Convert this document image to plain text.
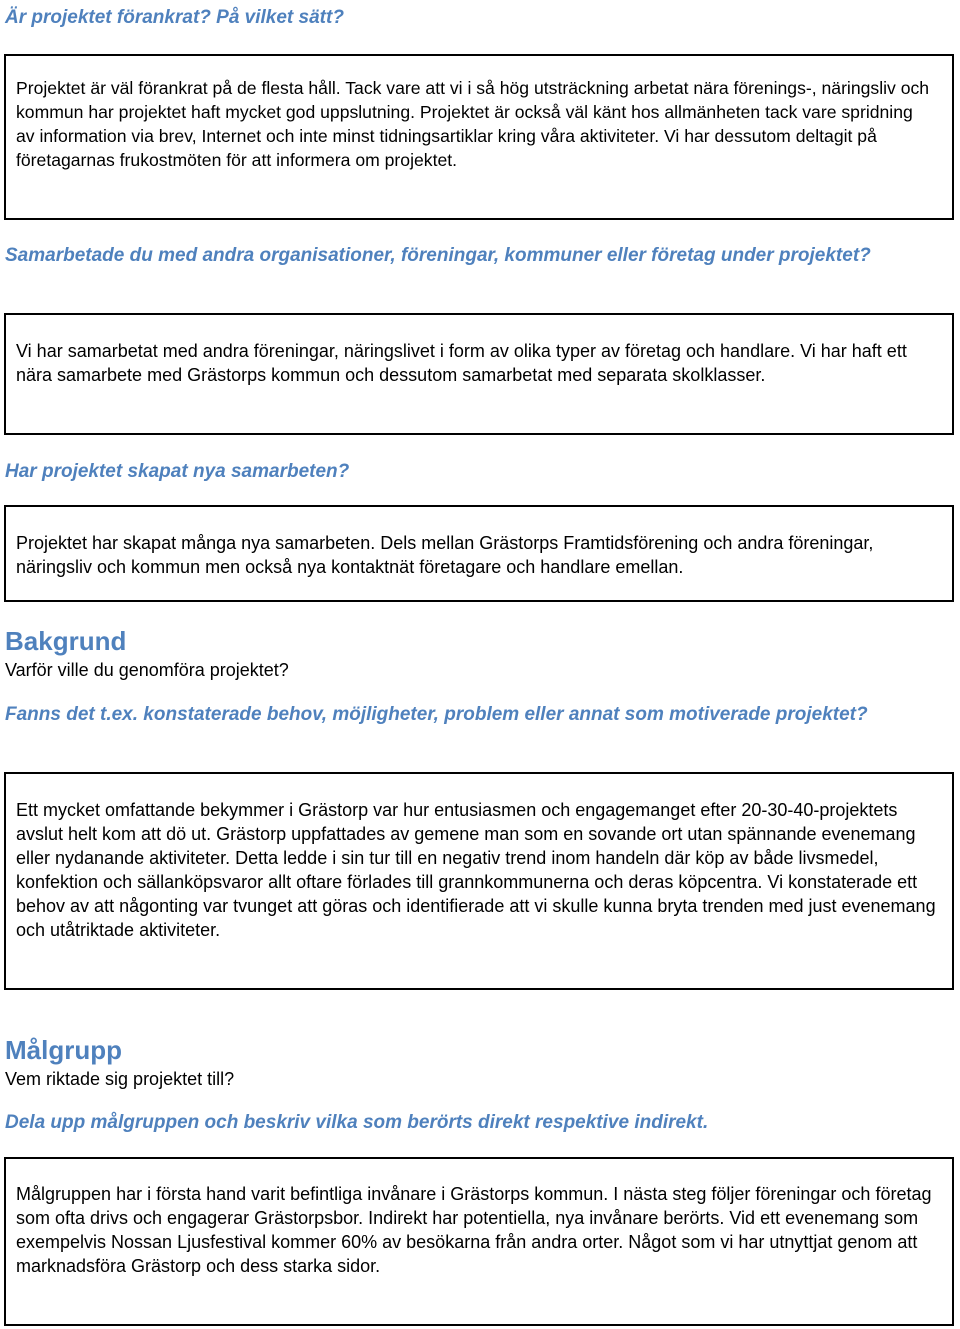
Är projektet förankrat? På vilket sätt?

Projektet är väl förankrat på de flesta håll. Tack vare att vi i så hög utsträckning arbetat nära förenings-, näringsliv och kommun har projektet haft mycket god uppslutning. Projektet är också väl känt hos allmänheten tack vare spridning av information via brev, Internet och inte minst tidningsartiklar kring våra aktiviteter. Vi har dessutom deltagit på företagarnas frukostmöten för att informera om projektet.

Samarbetade du med andra organisationer, föreningar, kommuner eller företag under projektet?

Vi har samarbetat med andra föreningar, näringslivet i form av olika typer av företag och handlare. Vi har haft ett nära samarbete med Grästorps kommun och dessutom samarbetat med separata skolklasser.

Har projektet skapat nya samarbeten?

Projektet har skapat många nya samarbeten. Dels mellan Grästorps Framtidsförening och andra föreningar, näringsliv och kommun men också nya kontaktnät företagare och handlare emellan.

Bakgrund

Varför ville du genomföra projektet?

Fanns det t.ex. konstaterade behov, möjligheter, problem eller annat som motiverade projektet?

Ett mycket omfattande bekymmer i Grästorp var hur entusiasmen och engagemanget efter 20-30-40-projektets avslut helt kom att dö ut. Grästorp uppfattades av gemene man som en sovande ort utan spännande evenemang eller nydanande aktiviteter. Detta ledde i sin tur till en negativ trend inom handeln där köp av både livsmedel, konfektion och sällanköpsvaror allt oftare förlades till grannkommunerna och deras köpcentra. Vi konstaterade ett behov av att någonting var tvunget att göras och identifierade att vi skulle kunna bryta trenden med just evenemang och utåtriktade aktiviteter.

Målgrupp

Vem riktade sig projektet till?

Dela upp målgruppen och beskriv vilka som berörts direkt respektive indirekt.

Målgruppen har i första hand varit befintliga invånare i Grästorps kommun. I nästa steg följer föreningar och företag som ofta drivs och engagerar Grästorpsbor. Indirekt har potentiella, nya invånare berörts. Vid ett evenemang som exempelvis Nossan Ljusfestival kommer 60% av besökarna från andra orter. Något som vi har utnyttjat genom att marknadsföra Grästorp och dess starka sidor.
